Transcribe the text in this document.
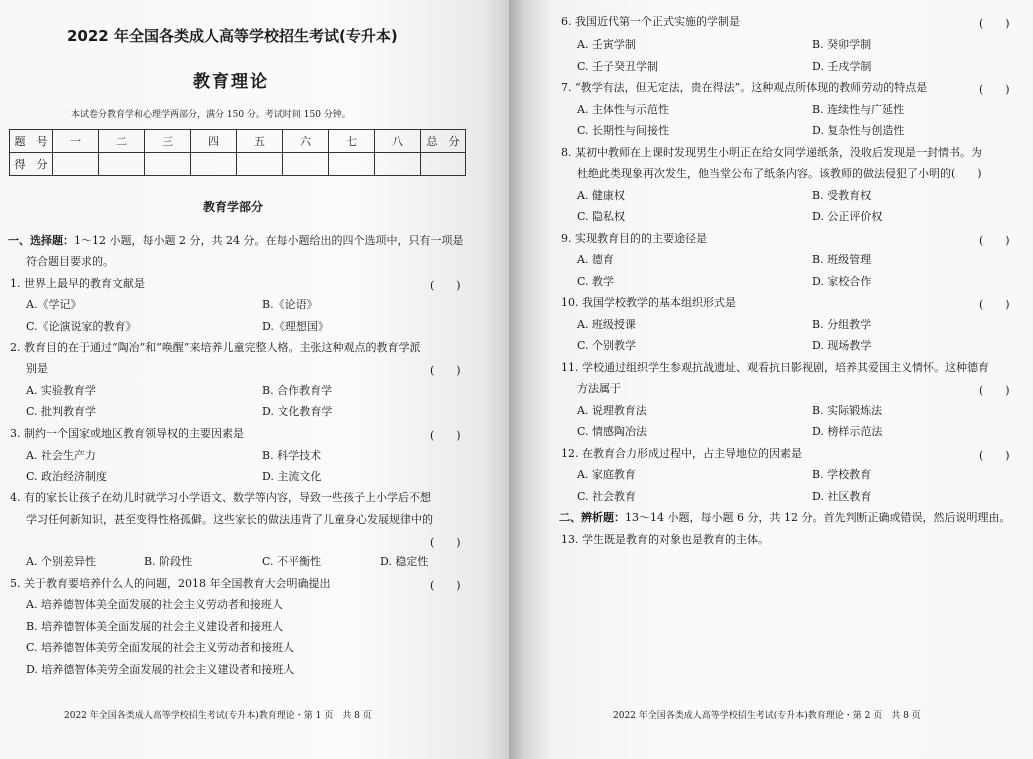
2022 年全国各类成人高等学校招生考试(专升本)
教育理论
本试卷分教育学和心理学两部分，满分 150 分。考试时间 150 分钟。
题　号	一	二	三	四	五	六	七	八	总　分
得　分									
教育学部分
一、选择题：1～12 小题，每小题 2 分，共 24 分。在每小题给出的四个选项中，只有一项是
符合题目要求的。
1. 世界上最早的教育文献是	(　　)
A.《学记》	B.《论语》
C.《论演说家的教育》	D.《理想国》
2. 教育目的在于通过“陶冶”和“唤醒”来培养儿童完整人格。主张这种观点的教育学派
别是	(　　)
A. 实验教育学	B. 合作教育学
C. 批判教育学	D. 文化教育学
3. 制约一个国家或地区教育领导权的主要因素是	(　　)
A. 社会生产力	B. 科学技术
C. 政治经济制度	D. 主流文化
4. 有的家长让孩子在幼儿时就学习小学语文、数学等内容，导致一些孩子上小学后不想
学习任何新知识，甚至变得性格孤僻。这些家长的做法违背了儿童身心发展规律中的
(　　)
A. 个别差异性	B. 阶段性	C. 不平衡性	D. 稳定性
5. 关于教育要培养什么人的问题，2018 年全国教育大会明确提出	(　　)
A. 培养德智体美全面发展的社会主义劳动者和接班人
B. 培养德智体美全面发展的社会主义建设者和接班人
C. 培养德智体美劳全面发展的社会主义劳动者和接班人
D. 培养德智体美劳全面发展的社会主义建设者和接班人
2022 年全国各类成人高等学校招生考试(专升本)教育理论・第 1 页　共 8 页
6. 我国近代第一个正式实施的学制是	(　　)
A. 壬寅学制	B. 癸卯学制
C. 壬子癸丑学制	D. 壬戌学制
7. “教学有法，但无定法，贵在得法”。这种观点所体现的教师劳动的特点是	(　　)
A. 主体性与示范性	B. 连续性与广延性
C. 长期性与间接性	D. 复杂性与创造性
8. 某初中教师在上课时发现男生小明正在给女同学递纸条，没收后发现是一封情书。为
杜绝此类现象再次发生，他当堂公布了纸条内容。该教师的做法侵犯了小明的(　　)
A. 健康权	B. 受教育权
C. 隐私权	D. 公正评价权
9. 实现教育目的的主要途径是	(　　)
A. 德育	B. 班级管理
C. 教学	D. 家校合作
10. 我国学校教学的基本组织形式是	(　　)
A. 班级授课	B. 分组教学
C. 个别教学	D. 现场教学
11. 学校通过组织学生参观抗战遗址、观看抗日影视剧，培养其爱国主义情怀。这种德育
方法属于	(　　)
A. 说理教育法	B. 实际锻炼法
C. 情感陶冶法	D. 榜样示范法
12. 在教育合力形成过程中，占主导地位的因素是	(　　)
A. 家庭教育	B. 学校教育
C. 社会教育	D. 社区教育
二、辨析题：13～14 小题，每小题 6 分，共 12 分。首先判断正确或错误，然后说明理由。
13. 学生既是教育的对象也是教育的主体。
2022 年全国各类成人高等学校招生考试(专升本)教育理论・第 2 页　共 8 页
